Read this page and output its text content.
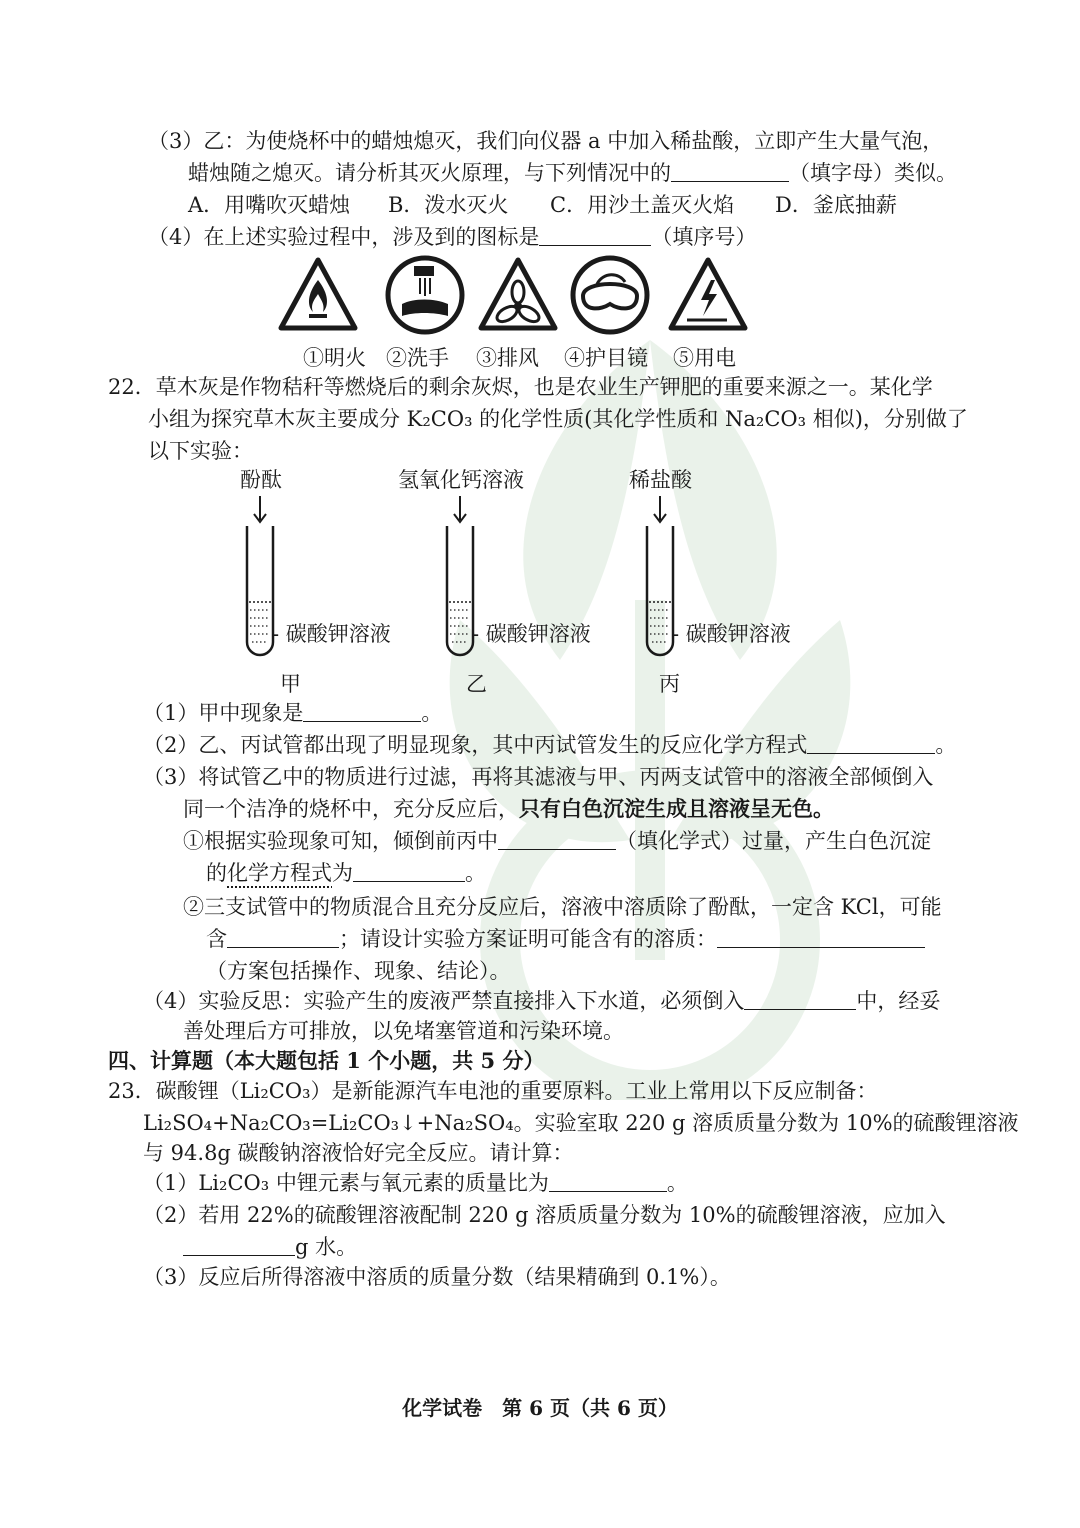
（3）乙：为使烧杯中的蜡烛熄灭，我们向仪器 a 中加入稀盐酸，立即产生大量气泡，
蜡烛随之熄灭。请分析其灭火原理，与下列情况中的	（填字母）类似。
A．用嘴吹灭蜡烛 B．泼水灭火 C．用沙土盖灭火焰 D．釜底抽薪
（4）在上述实验过程中，涉及到的图标是	（填序号）
①明火 ②洗手 ③排风 ④护目镜 ⑤用电
22．草木灰是作物秸秆等燃烧后的剩余灰烬，也是农业生产钾肥的重要来源之一。某化学
小组为探究草木灰主要成分 K₂CO₃ 的化学性质(其化学性质和 Na₂CO₃ 相似)，分别做了
以下实验：
酚酞	氢氧化钙溶液	稀盐酸
- 碳酸钾溶液	- 碳酸钾溶液	- 碳酸钾溶液
甲	乙	丙
（1）甲中现象是	。
（2）乙、丙试管都出现了明显现象，其中丙试管发生的反应化学方程式	。
（3）将试管乙中的物质进行过滤，再将其滤液与甲、丙两支试管中的溶液全部倾倒入
同一个洁净的烧杯中，充分反应后，只有白色沉淀生成且溶液呈无色。
①根据实验现象可知，倾倒前丙中	（填化学式）过量，产生白色沉淀
的化学方程式为	。
②三支试管中的物质混合且充分反应后，溶液中溶质除了酚酞，一定含 KCl，可能
含	；请设计实验方案证明可能含有的溶质：
（方案包括操作、现象、结论）。
（4）实验反思：实验产生的废液严禁直接排入下水道，必须倒入	中，经妥
善处理后方可排放，以免堵塞管道和污染环境。
四、计算题（本大题包括 1 个小题，共 5 分）
23．碳酸锂（Li₂CO₃）是新能源汽车电池的重要原料。工业上常用以下反应制备：
Li₂SO₄+Na₂CO₃=Li₂CO₃↓+Na₂SO₄。实验室取 220 g 溶质质量分数为 10%的硫酸锂溶液
与 94.8g 碳酸钠溶液恰好完全反应。请计算：
（1）Li₂CO₃ 中锂元素与氧元素的质量比为	。
（2）若用 22%的硫酸锂溶液配制 220 g 溶质质量分数为 10%的硫酸锂溶液，应加入
g 水。
（3）反应后所得溶液中溶质的质量分数（结果精确到 0.1%）。
化学试卷　第 6 页（共 6 页）
